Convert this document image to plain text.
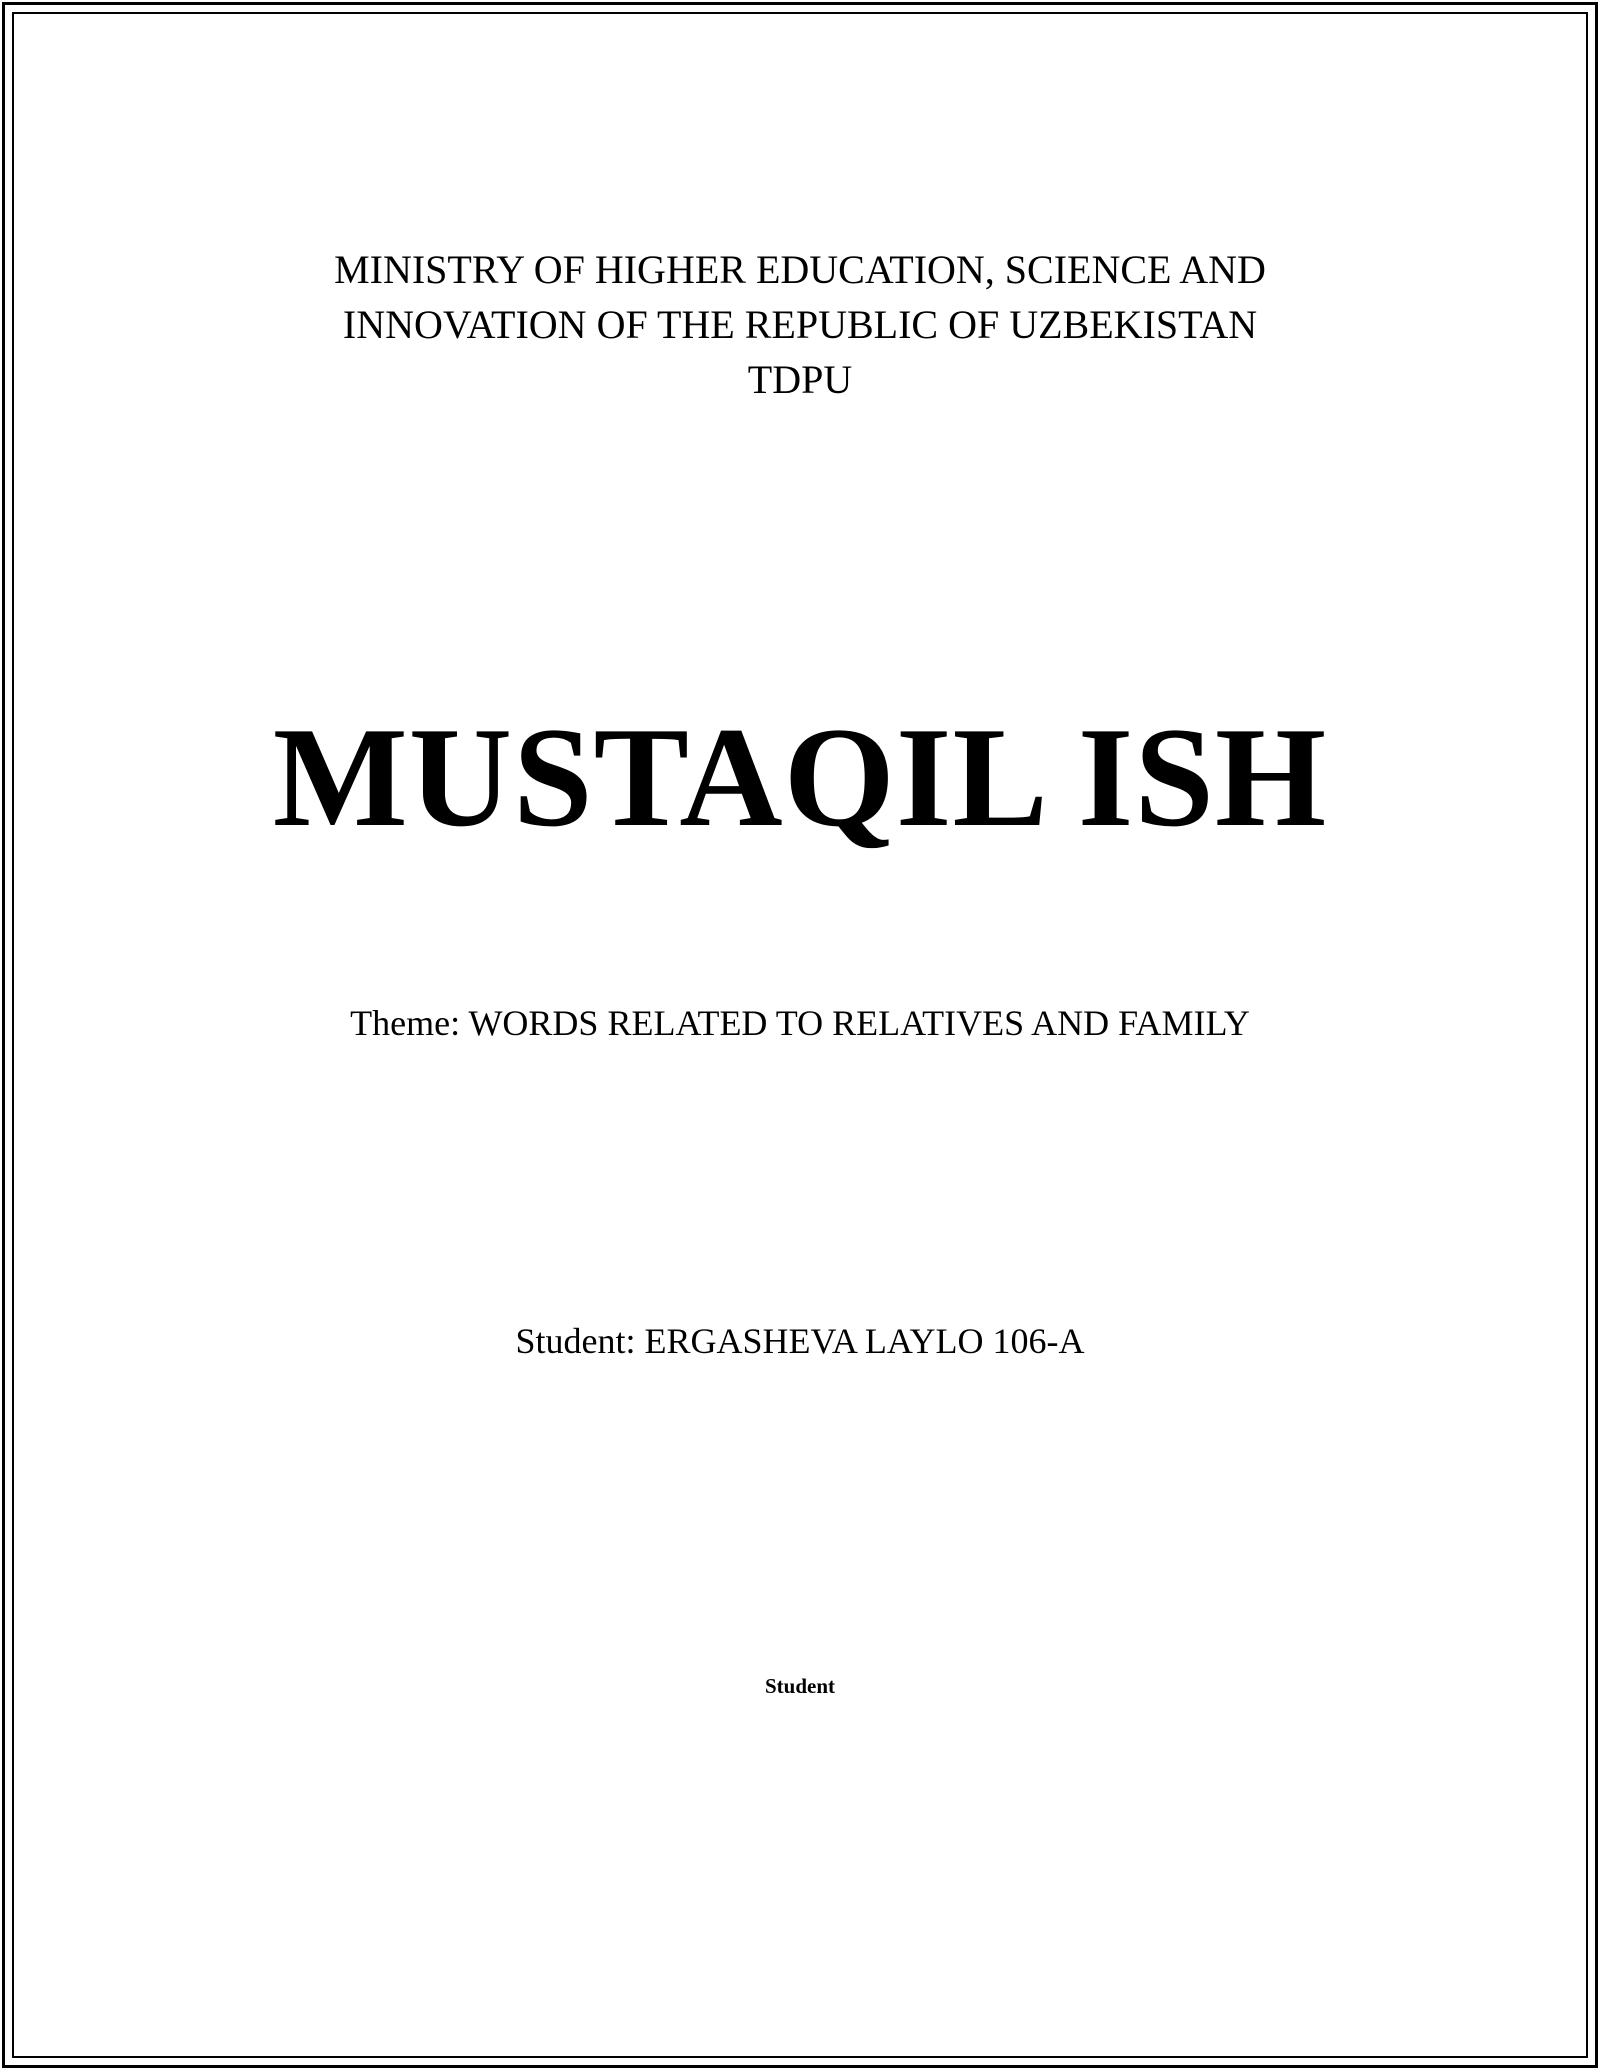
MINISTRY OF HIGHER EDUCATION, SCIENCE AND
INNOVATION OF THE REPUBLIC OF UZBEKISTAN
TDPU
MUSTAQIL ISH
Theme: WORDS RELATED TO RELATIVES AND FAMILY
Student: ERGASHEVA LAYLO 106-A
Student
